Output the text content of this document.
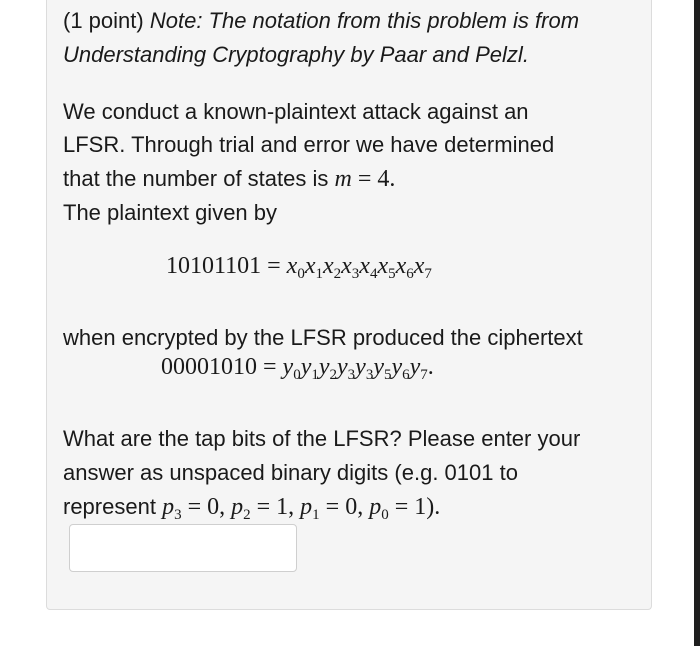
(1 point) Note: The notation from this problem is from
Understanding Cryptography by Paar and Pelzl.
We conduct a known-plaintext attack against an
LFSR. Through trial and error we have determined
that the number of states is m = 4.
The plaintext given by
$10101101 = x_0x_1x_2x_3x_4x_5x_6x_7$
when encrypted by the LFSR produced the ciphertext
$00001010 = y_0y_1y_2y_3y_3y_5y_6y_7$.
What are the tap bits of the LFSR? Please enter your
answer as unspaced binary digits (e.g. 0101 to
represent $p_3 = 0$, $p_2 = 1$, $p_1 = 0$, $p_0 = 1$).
